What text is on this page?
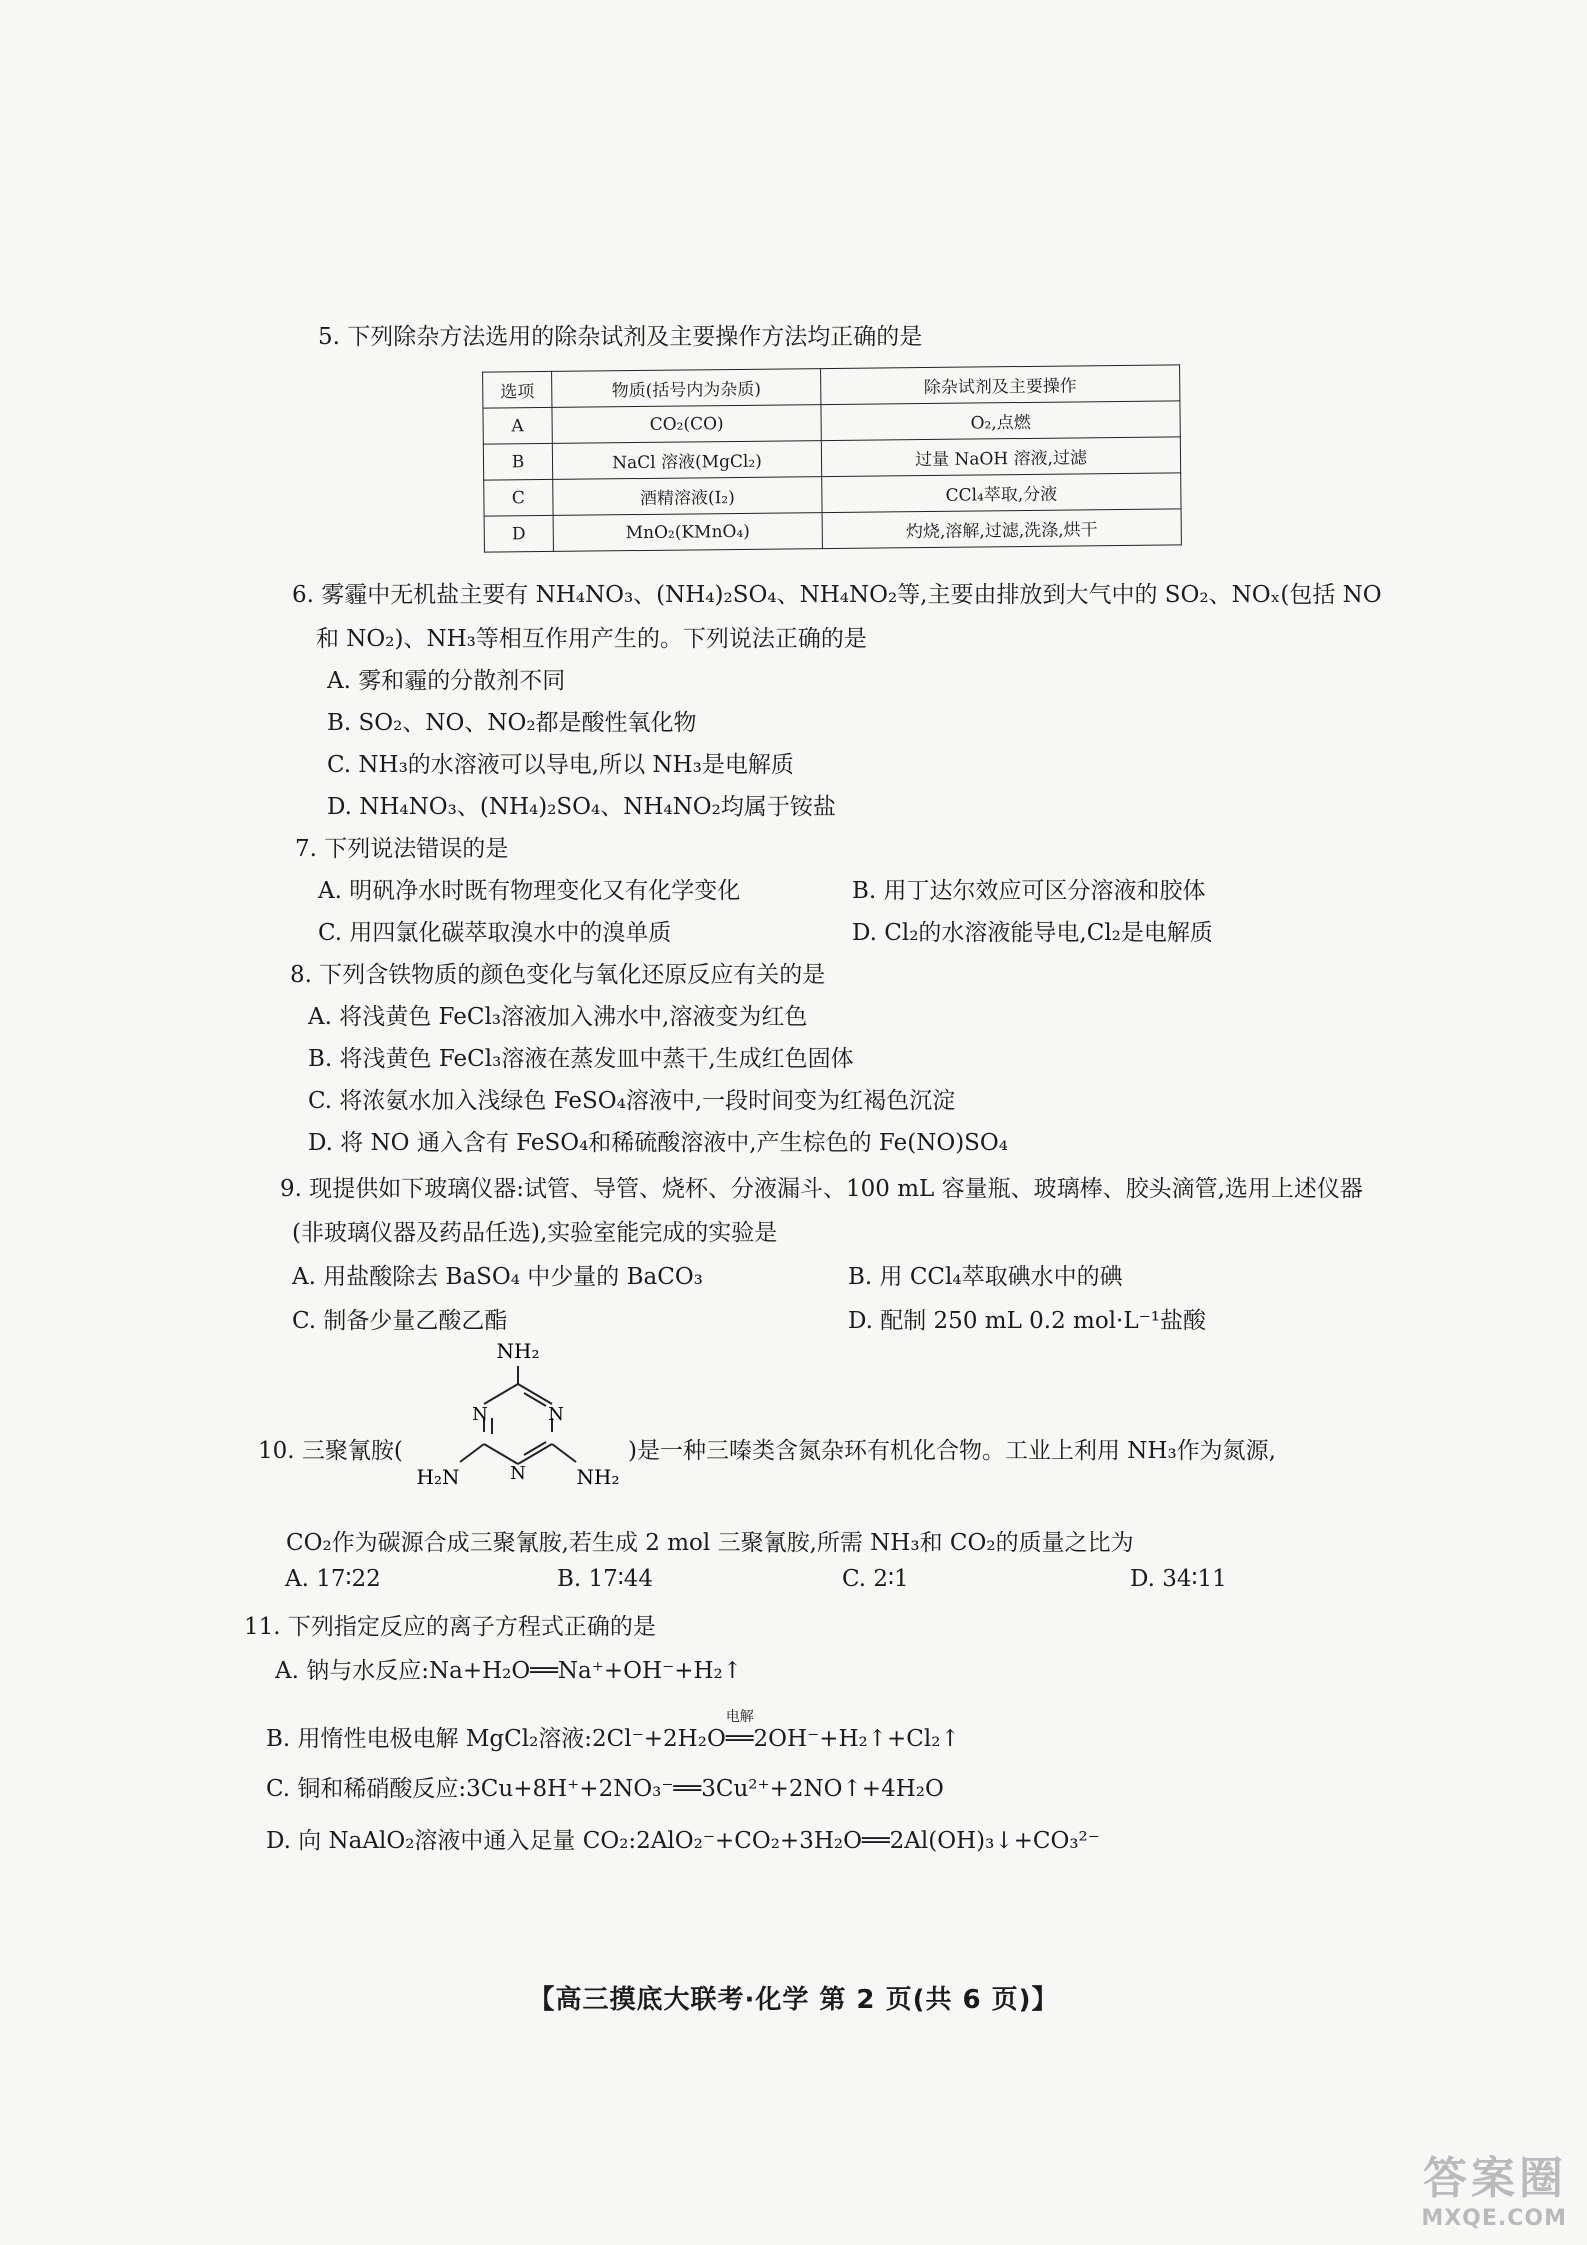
5. 下列除杂方法选用的除杂试剂及主要操作方法均正确的是
选项	物质(括号内为杂质)	除杂试剂及主要操作
A	CO₂(CO)	O₂,点燃
B	NaCl 溶液(MgCl₂)	过量 NaOH 溶液,过滤
C	酒精溶液(I₂)	CCl₄萃取,分液
D	MnO₂(KMnO₄)	灼烧,溶解,过滤,洗涤,烘干
6. 雾霾中无机盐主要有 NH₄NO₃、(NH₄)₂SO₄、NH₄NO₂等,主要由排放到大气中的 SO₂、NOₓ(包括 NO
和 NO₂)、NH₃等相互作用产生的。下列说法正确的是
A. 雾和霾的分散剂不同
B. SO₂、NO、NO₂都是酸性氧化物
C. NH₃的水溶液可以导电,所以 NH₃是电解质
D. NH₄NO₃、(NH₄)₂SO₄、NH₄NO₂均属于铵盐
7. 下列说法错误的是
A. 明矾净水时既有物理变化又有化学变化	B. 用丁达尔效应可区分溶液和胶体
C. 用四氯化碳萃取溴水中的溴单质	D. Cl₂的水溶液能导电,Cl₂是电解质
8. 下列含铁物质的颜色变化与氧化还原反应有关的是
A. 将浅黄色 FeCl₃溶液加入沸水中,溶液变为红色
B. 将浅黄色 FeCl₃溶液在蒸发皿中蒸干,生成红色固体
C. 将浓氨水加入浅绿色 FeSO₄溶液中,一段时间变为红褐色沉淀
D. 将 NO 通入含有 FeSO₄和稀硫酸溶液中,产生棕色的 Fe(NO)SO₄
9. 现提供如下玻璃仪器:试管、导管、烧杯、分液漏斗、100 mL 容量瓶、玻璃棒、胶头滴管,选用上述仪器
(非玻璃仪器及药品任选),实验室能完成的实验是
A. 用盐酸除去 BaSO₄ 中少量的 BaCO₃	B. 用 CCl₄萃取碘水中的碘
C. 制备少量乙酸乙酯	D. 配制 250 mL 0.2 mol·L⁻¹盐酸
10. 三聚氰胺(
NH₂
N
N
N
H₂N	NH₂
)是一种三嗪类含氮杂环有机化合物。工业上利用 NH₃作为氮源,
CO₂作为碳源合成三聚氰胺,若生成 2 mol 三聚氰胺,所需 NH₃和 CO₂的质量之比为
A. 17∶22	B. 17∶44	C. 2∶1	D. 34∶11
11. 下列指定反应的离子方程式正确的是
A. 钠与水反应:Na+H₂O══Na⁺+OH⁻+H₂↑
B. 用惰性电极电解 MgCl₂溶液:2Cl⁻+2H₂O
电解
══2OH⁻+H₂↑+Cl₂↑
C. 铜和稀硝酸反应:3Cu+8H⁺+2NO₃⁻══3Cu²⁺+2NO↑+4H₂O
D. 向 NaAlO₂溶液中通入足量 CO₂:2AlO₂⁻+CO₂+3H₂O══2Al(OH)₃↓+CO₃²⁻
【高三摸底大联考·化学 第 2 页(共 6 页)】
答案圈
MXQE.COM
